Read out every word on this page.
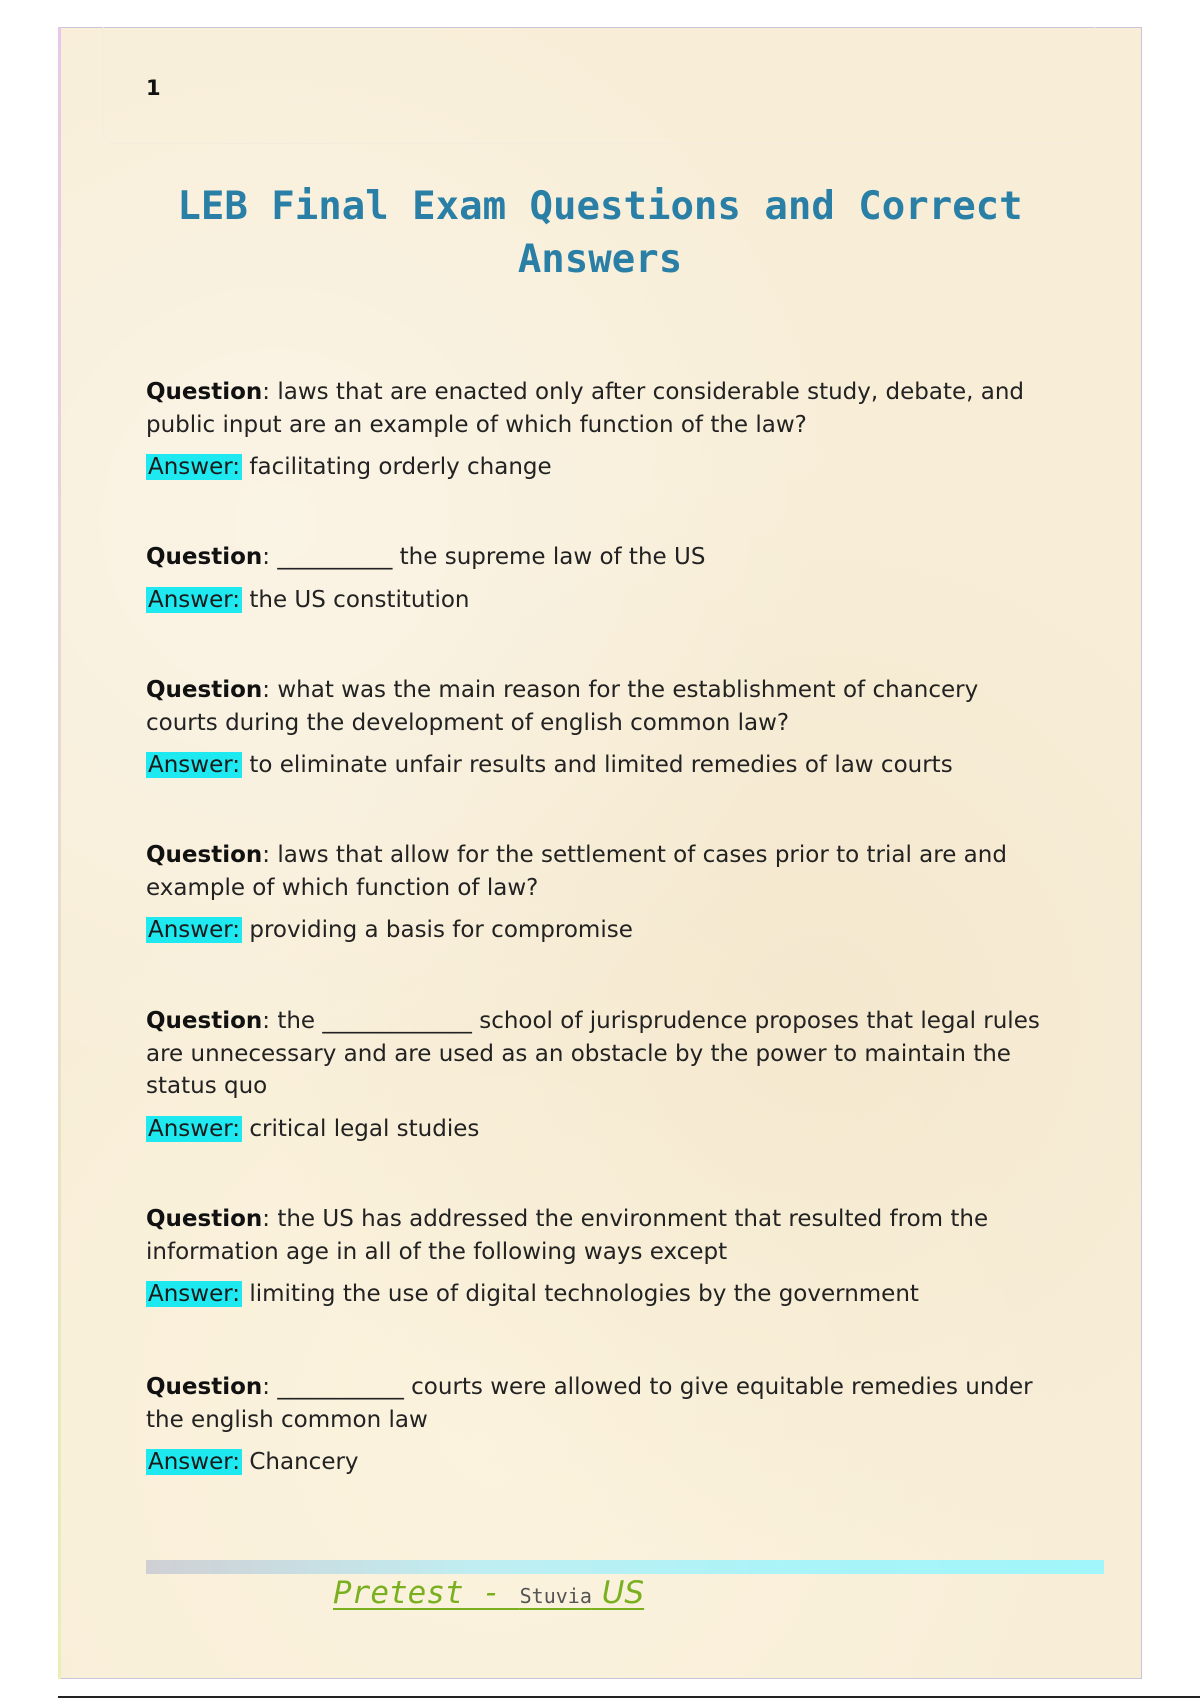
1
LEB Final Exam Questions and Correct Answers

Question: laws that are enacted only after considerable study, debate, and public input are an example of which function of the law?

Answer: facilitating orderly change

Question: __________ the supreme law of the US

Answer: the US constitution

Question: what was the main reason for the establishment of chancery courts during the development of english common law?

Answer: to eliminate unfair results and limited remedies of law courts

Question: laws that allow for the settlement of cases prior to trial are and example of which function of law?

Answer: providing a basis for compromise

Question: the _____________ school of jurisprudence proposes that legal rules are unnecessary and are used as an obstacle by the power to maintain the status quo

Answer: critical legal studies

Question: the US has addressed the environment that resulted from the information age in all of the following ways except

Answer: limiting the use of digital technologies by the government

Question: ___________ courts were allowed to give equitable remedies under the english common law

Answer: Chancery

Pretest - Stuvia US
